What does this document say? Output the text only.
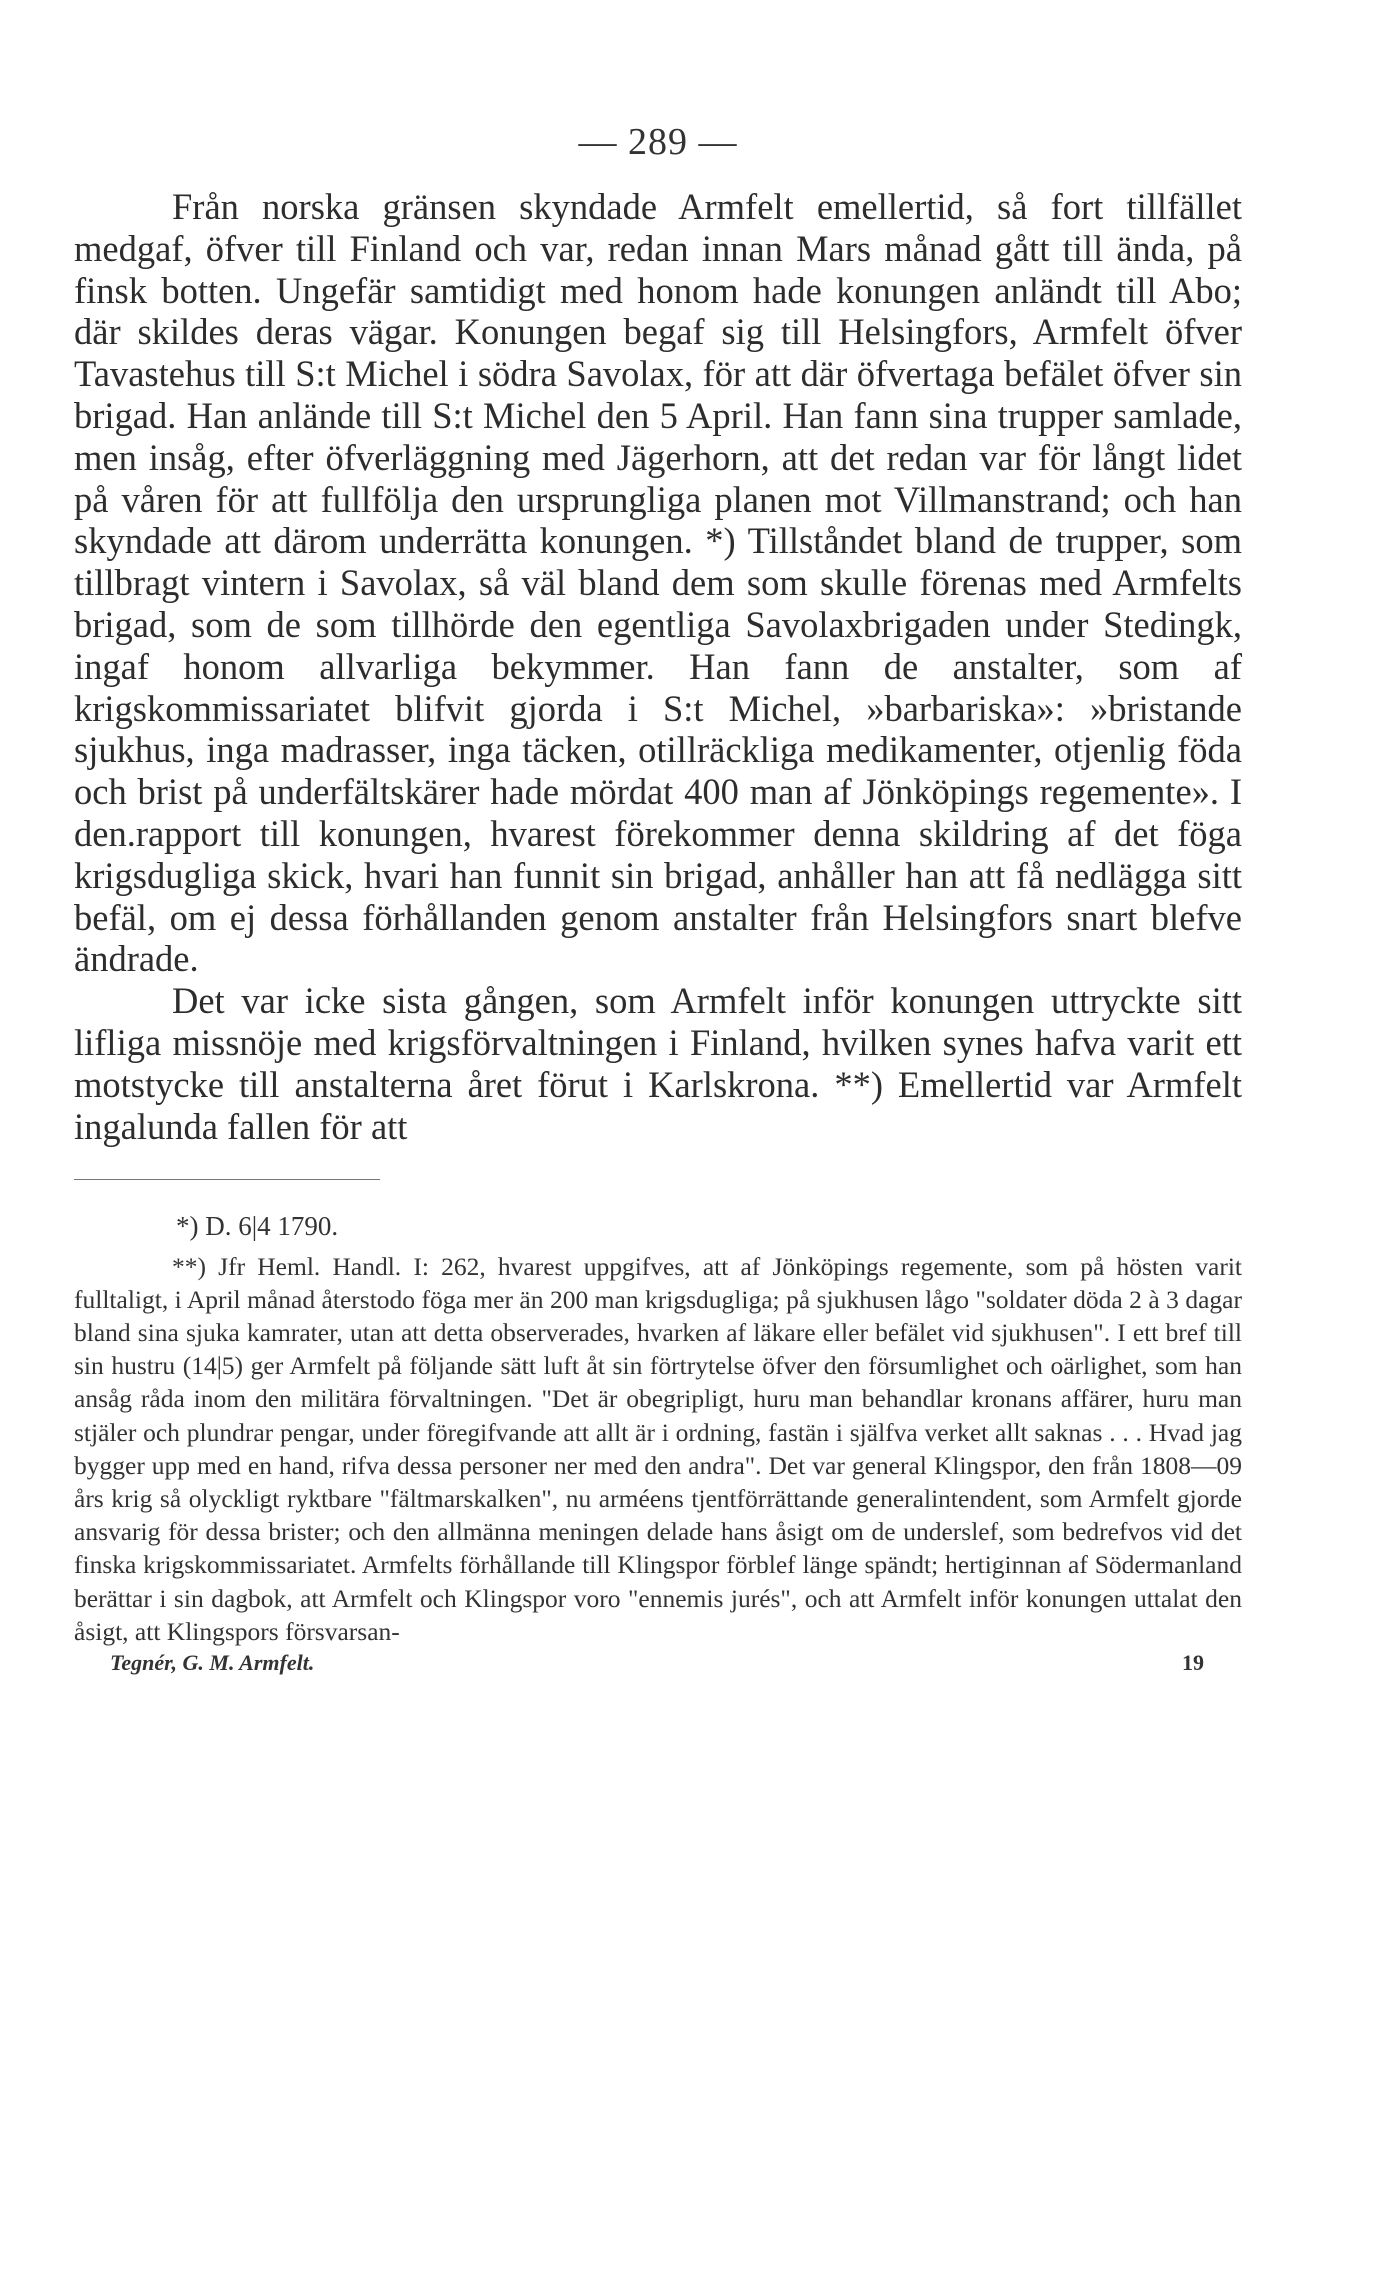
— 289 —

Från norska gränsen skyndade Armfelt emellertid, så fort tillfället medgaf, öfver till Finland och var, redan innan Mars månad gått till ända, på finsk botten. Ungefär samtidigt med honom hade konungen anländt till Abo; där skildes deras vägar. Konungen begaf sig till Helsingfors, Armfelt öfver Tavastehus till S:t Michel i södra Savolax, för att där öfvertaga befälet öfver sin brigad. Han anlände till S:t Michel den 5 April. Han fann sina trupper samlade, men insåg, efter öfverläggning med Jägerhorn, att det redan var för långt lidet på våren för att fullfölja den ursprungliga planen mot Villmanstrand; och han skyndade att därom underrätta konungen. *) Tillståndet bland de trupper, som tillbragt vintern i Savolax, så väl bland dem som skulle förenas med Armfelts brigad, som de som tillhörde den egentliga Savolaxbrigaden under Stedingk, ingaf honom allvarliga bekymmer. Han fann de anstalter, som af krigskommissariatet blifvit gjorda i S:t Michel, »barbariska»: »bristande sjukhus, inga madrasser, inga täcken, otillräckliga medikamenter, otjenlig föda och brist på underfältskärer hade mördat 400 man af Jönköpings regemente». I den.rapport till konungen, hvarest förekommer denna skildring af det föga krigsdugliga skick, hvari han funnit sin brigad, anhåller han att få nedlägga sitt befäl, om ej dessa förhållanden genom anstalter från Helsingfors snart blefve ändrade.

Det var icke sista gången, som Armfelt inför konungen uttryckte sitt lifliga missnöje med krigsförvaltningen i Finland, hvilken synes hafva varit ett motstycke till anstalterna året förut i Karlskrona. **) Emellertid var Armfelt ingalunda fallen för att

*) D. 6|4 1790.

**) Jfr Heml. Handl. I: 262, hvarest uppgifves, att af Jönköpings regemente, som på hösten varit fulltaligt, i April månad återstodo föga mer än 200 man krigsdugliga; på sjukhusen lågo "soldater döda 2 à 3 dagar bland sina sjuka kamrater, utan att detta observerades, hvarken af läkare eller befälet vid sjukhusen". I ett bref till sin hustru (14|5) ger Armfelt på följande sätt luft åt sin förtrytelse öfver den försumlighet och oärlighet, som han ansåg råda inom den militära förvaltningen. "Det är obegripligt, huru man behandlar kronans affärer, huru man stjäler och plundrar pengar, under föregifvande att allt är i ordning, fastän i själfva verket allt saknas . . . Hvad jag bygger upp med en hand, rifva dessa personer ner med den andra". Det var general Klingspor, den från 1808—09 års krig så olyckligt ryktbare "fältmarskalken", nu arméens tjentförrättande generalintendent, som Armfelt gjorde ansvarig för dessa brister; och den allmänna meningen delade hans åsigt om de underslef, som bedrefvos vid det finska krigskommissariatet. Armfelts förhållande till Klingspor förblef länge spändt; hertiginnan af Södermanland berättar i sin dagbok, att Armfelt och Klingspor voro "ennemis jurés", och att Armfelt inför konungen uttalat den åsigt, att Klingspors försvarsan-

Tegnér, G. M. Armfelt.	19
